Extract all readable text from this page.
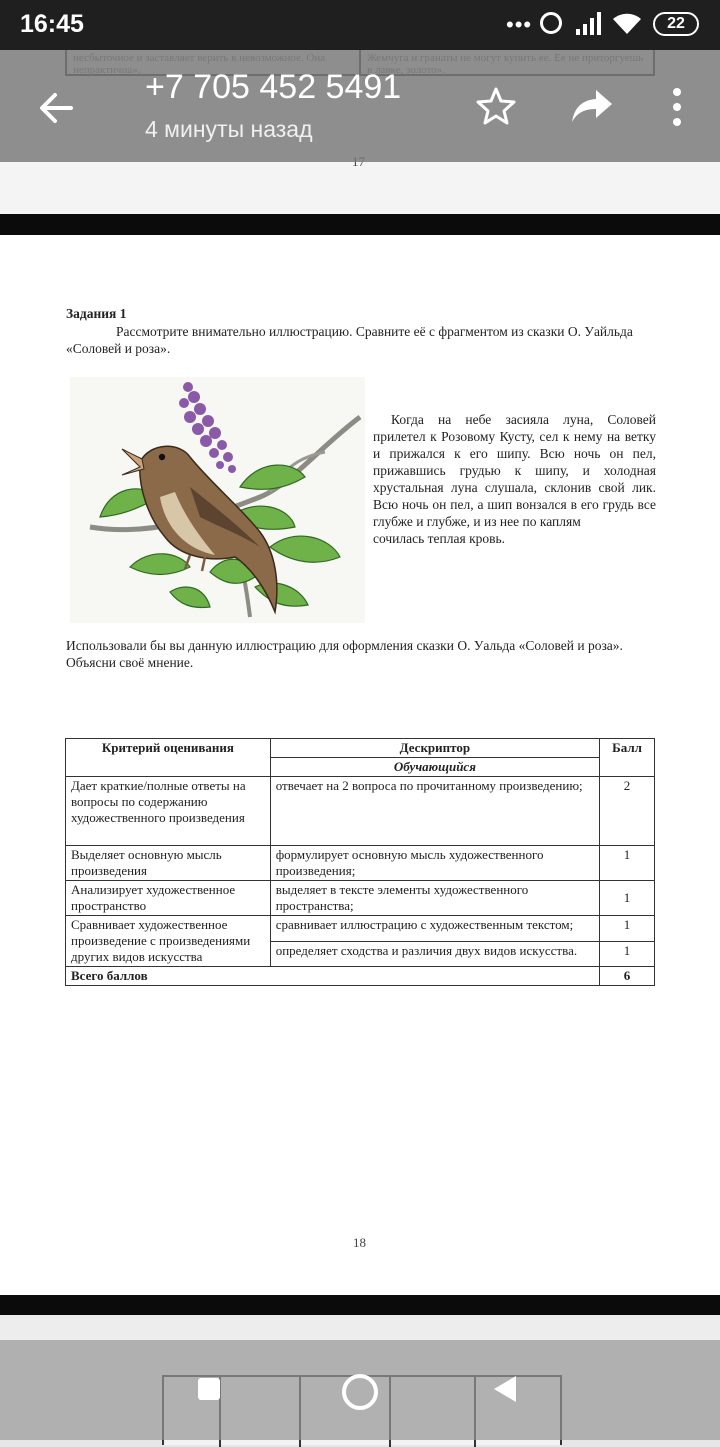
+7 705 452 5491
4 минуты назад
16:45	•••	22
Задания 1
Рассмотрите внимательно иллюстрацию. Сравните её с фрагментом из сказки О. Уайльда «Соловей и роза».

Когда на небе засияла луна, Соловей прилетел к Розовому Кусту, сел к нему на ветку и прижался к его шипу. Всю ночь он пел, прижавшись грудью к шипу, и холодная хрустальная луна слушала, склонив свой лик. Всю ночь он пел, а шип вонзался в его грудь все глубже и глубже, и из нее по каплям

сочилась теплая кровь.
Использовали бы вы данную иллюстрацию для оформления сказки О. Уальда «Соловей и роза». Объясни своё мнение.
Критерий оценивания	Дескриптор	Балл
	Обучающийся	
Дает краткие/полные ответы на вопросы по содержанию художественного произведения	отвечает на 2 вопроса по прочитанному произведению;	2
Выделяет основную мысль произведения	формулирует основную мысль художественного произведения;	1
Анализирует художественное пространство	выделяет в тексте элементы художественного пространства;	1
Сравнивает художественное произведение с произведениями других видов искусства	сравнивает иллюстрацию с художественным текстом;	1
	определяет сходства и различия двух видов искусства.	1
Всего баллов		6
18
